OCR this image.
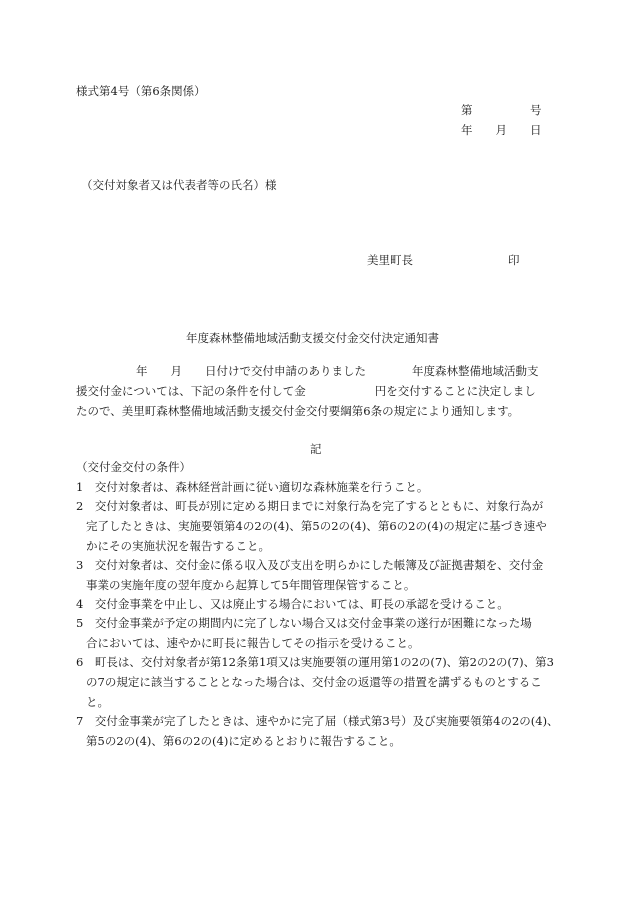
様式第4号（第6条関係）
第　　　　　号
年　　月　　日
（交付対象者又は代表者等の氏名）様
美里町長	印
年度森林整備地域活動支援交付金交付決定通知書
年　　月　　日付けで交付申請のありました　　　　年度森林整備地域活動支
援交付金については、下記の条件を付して金　　　　　　円を交付することに決定しまし
たので、美里町森林整備地域活動支援交付金交付要綱第6条の規定により通知します。
記
（交付金交付の条件）
1　交付対象者は、森林経営計画に従い適切な森林施業を行うこと。
2　交付対象者は、町長が別に定める期日までに対象行為を完了するとともに、対象行為が
完了したときは、実施要領第4の2の(4)、第5の2の(4)、第6の2の(4)の規定に基づき速や
かにその実施状況を報告すること。
3　交付対象者は、交付金に係る収入及び支出を明らかにした帳簿及び証拠書類を、交付金
事業の実施年度の翌年度から起算して5年間管理保管すること。
4　交付金事業を中止し、又は廃止する場合においては、町長の承認を受けること。
5　交付金事業が予定の期間内に完了しない場合又は交付金事業の遂行が困難になった場
合においては、速やかに町長に報告してその指示を受けること。
6　町長は、交付対象者が第12条第1項又は実施要領の運用第1の2の(7)、第2の2の(7)、第3
の7の規定に該当することとなった場合は、交付金の返還等の措置を講ずるものとするこ
と。
7　交付金事業が完了したときは、速やかに完了届（様式第3号）及び実施要領第4の2の(4)、
第5の2の(4)、第6の2の(4)に定めるとおりに報告すること。
